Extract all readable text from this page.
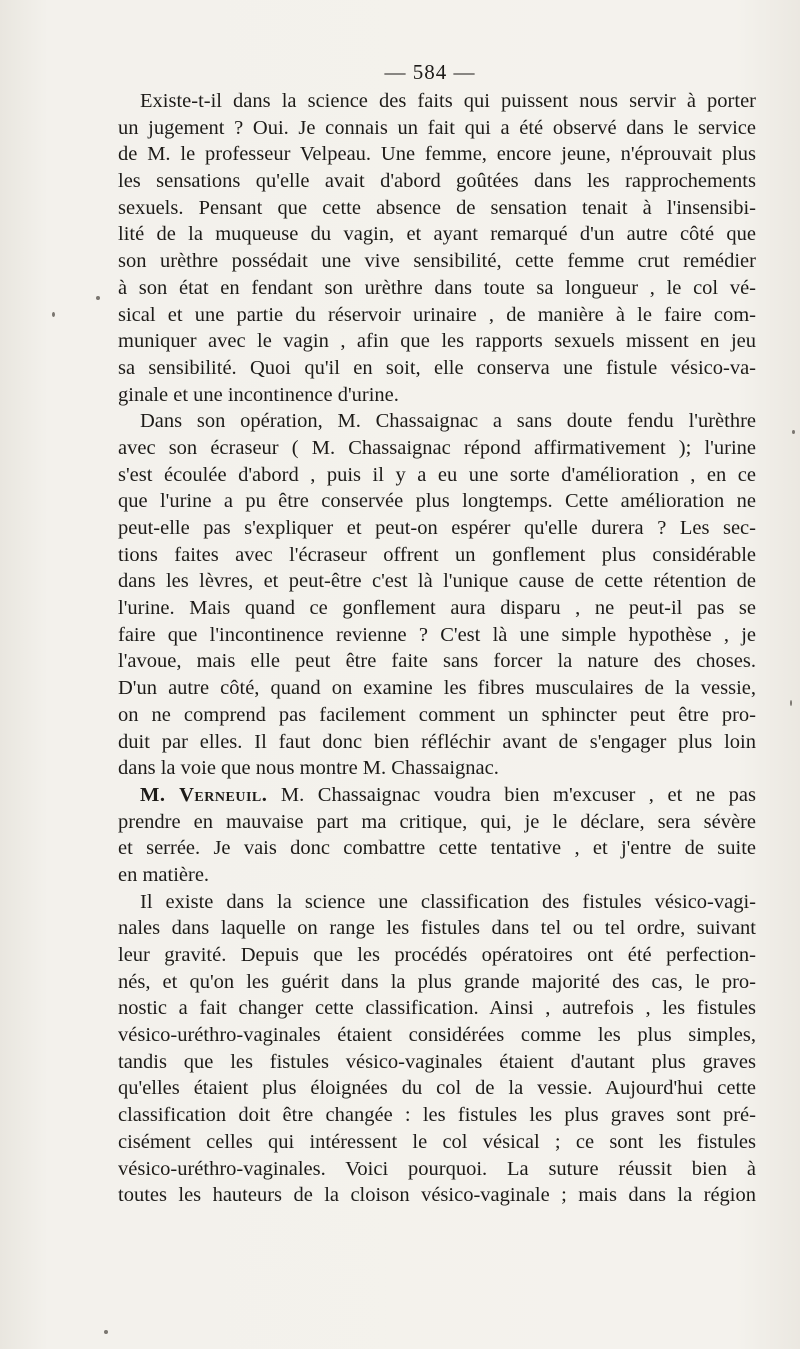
— 584 —
Existe-t-il dans la science des faits qui puissent nous servir à porter
un jugement ? Oui. Je connais un fait qui a été observé dans le service
de M. le professeur Velpeau. Une femme, encore jeune, n'éprouvait plus
les sensations qu'elle avait d'abord goûtées dans les rapprochements
sexuels. Pensant que cette absence de sensation tenait à l'insensibi-
lité de la muqueuse du vagin, et ayant remarqué d'un autre côté que
son urèthre possédait une vive sensibilité, cette femme crut remédier
à son état en fendant son urèthre dans toute sa longueur , le col vé-
sical et une partie du réservoir urinaire , de manière à le faire com-
muniquer avec le vagin , afin que les rapports sexuels missent en jeu
sa sensibilité. Quoi qu'il en soit, elle conserva une fistule vésico-va-
ginale et une incontinence d'urine.
Dans son opération, M. Chassaignac a sans doute fendu l'urèthre
avec son écraseur ( M. Chassaignac répond affirmativement ); l'urine
s'est écoulée d'abord , puis il y a eu une sorte d'amélioration , en ce
que l'urine a pu être conservée plus longtemps. Cette amélioration ne
peut-elle pas s'expliquer et peut-on espérer qu'elle durera ? Les sec-
tions faites avec l'écraseur offrent un gonflement plus considérable
dans les lèvres, et peut-être c'est là l'unique cause de cette rétention de
l'urine. Mais quand ce gonflement aura disparu , ne peut-il pas se
faire que l'incontinence revienne ? C'est là une simple hypothèse , je
l'avoue, mais elle peut être faite sans forcer la nature des choses.
D'un autre côté, quand on examine les fibres musculaires de la vessie,
on ne comprend pas facilement comment un sphincter peut être pro-
duit par elles. Il faut donc bien réfléchir avant de s'engager plus loin
dans la voie que nous montre M. Chassaignac.
M. Verneuil. M. Chassaignac voudra bien m'excuser , et ne pas
prendre en mauvaise part ma critique, qui, je le déclare, sera sévère
et serrée. Je vais donc combattre cette tentative , et j'entre de suite
en matière.
Il existe dans la science une classification des fistules vésico-vagi-
nales dans laquelle on range les fistules dans tel ou tel ordre, suivant
leur gravité. Depuis que les procédés opératoires ont été perfection-
nés, et qu'on les guérit dans la plus grande majorité des cas, le pro-
nostic a fait changer cette classification. Ainsi , autrefois , les fistules
vésico-uréthro-vaginales étaient considérées comme les plus simples,
tandis que les fistules vésico-vaginales étaient d'autant plus graves
qu'elles étaient plus éloignées du col de la vessie. Aujourd'hui cette
classification doit être changée : les fistules les plus graves sont pré-
cisément celles qui intéressent le col vésical ; ce sont les fistules
vésico-uréthro-vaginales. Voici pourquoi. La suture réussit bien à
toutes les hauteurs de la cloison vésico-vaginale ; mais dans la région
